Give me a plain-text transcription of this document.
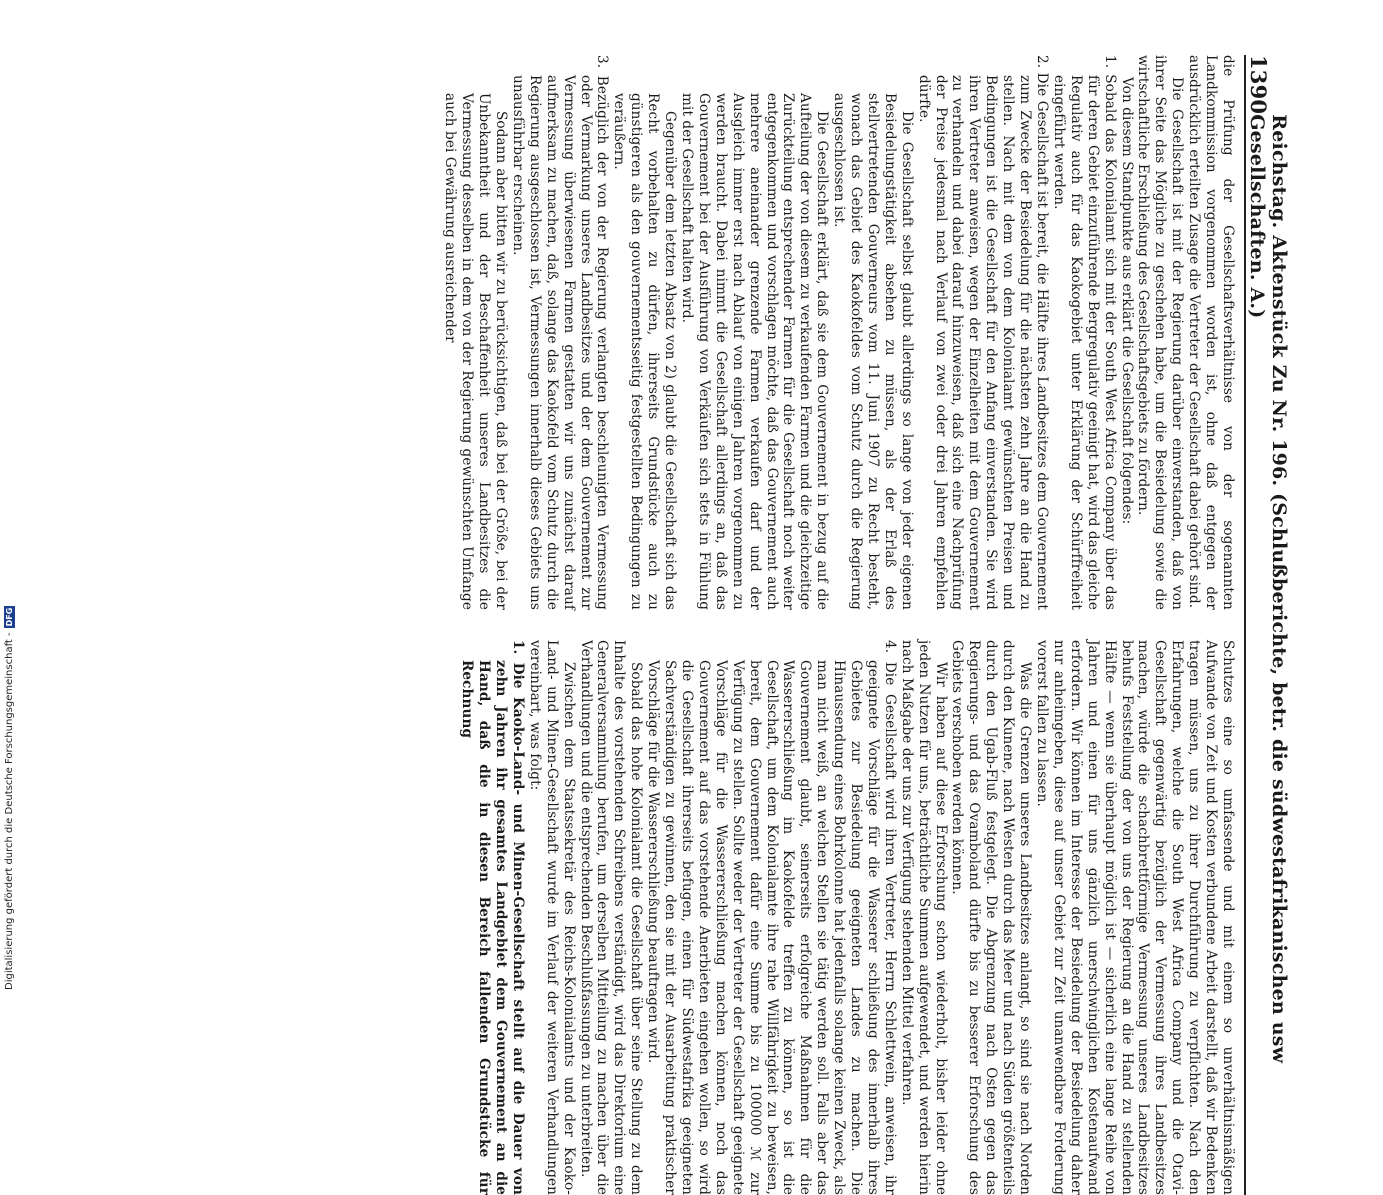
1390
Reichstag. Aktenstück Zu Nr. 196. (Schlußberichte, betr. die südwestafrikanischen usw Gesellschaften. A.)

die Prüfung der Gesellschaftsverhältnisse von der sogenannten Landkommission vorgenommen worden ist, ohne daß entgegen der ausdrücklich erteilten Zusage die Vertreter der Gesellschaft dabei gehört sind.

Die Gesellschaft ist mit der Regierung darüber einverstanden, daß von ihrer Seite das Mögliche zu geschehen habe, um die Besiedelung sowie die wirtschaftliche Erschließung des Gesellschaftsgebiets zu fördern.

Von diesem Standpunkte aus erklärt die Gesellschaft folgendes:

1. Sobald das Kolonialamt sich mit der South West Africa Company über das für deren Gebiet einzuführende Bergregulativ geeinigt hat, wird das gleiche Regulativ auch für das Kaokogebiet unter Erklärung der Schürffreiheit eingeführt werden.

2. Die Gesellschaft ist bereit, die Hälfte ihres Landbesitzes dem Gouvernement zum Zwecke der Besiedelung für die nächsten zehn Jahre an die Hand zu stellen. Nach mit dem von dem Kolonialamt gewünschten Preisen und Bedingungen ist die Gesellschaft für den Anfang einverstanden. Sie wird ihren Vertreter anweisen, wegen der Einzelheiten mit dem Gouvernement zu verhandeln und dabei darauf hinzuweisen, daß sich eine Nachprüfung der Preise jedesmal nach Verlauf von zwei oder drei Jahren empfehlen dürfte.

Die Gesellschaft selbst glaubt allerdings so lange von jeder eigenen Besiedelungstätigkeit absehen zu müssen, als der Erlaß des stellvertretenden Gouverneurs vom 11. Juni 1907 zu Recht besteht, wonach das Gebiet des Kaokofeldes vom Schutz durch die Regierung ausgeschlossen ist.

Die Gesellschaft erklärt, daß sie dem Gouvernement in bezug auf die Aufteilung der von diesem zu verkaufenden Farmen und die gleichzeitige Zurückteilung entsprechender Farmen für die Gesellschaft noch weiter entgegenkommen und vorschlagen möchte, daß das Gouvernement auch mehrere aneinander grenzende Farmen verkaufen darf und der Ausgleich immer erst nach Ablauf von einigen Jahren vorgenommen zu werden braucht. Dabei nimmt die Gesellschaft allerdings an, daß das Gouvernement bei der Ausführung von Verkäufen sich stets in Fühlung mit der Gesellschaft halten wird.

Gegenüber dem letzten Absatz von 2) glaubt die Gesellschaft sich das Recht vorbehalten zu dürfen, ihrerseits Grundstücke auch zu günstigeren als den gouvernementsseitig festgestellten Bedingungen zu veräußern.

3. Bezüglich der von der Regierung verlangten beschleunigten Vermessung oder Vermarkung unseres Landbesitzes und der dem Gouvernement zur Vermessung überwiesenen Farmen gestatten wir uns zunächst darauf aufmerksam zu machen, daß, solange das Kaokofeld vom Schutz durch die Regierung ausgeschlossen ist, Vermessungen innerhalb dieses Gebiets uns unausführbar erscheinen.

Sodann aber bitten wir zu berücksichtigen, daß bei der Größe, bei der Unbekanntheit und der Beschaffenheit unseres Landbesitzes die Vermessung desselben in dem von der Regierung gewünschten Umfange auch bei Gewährung ausreichender

Schutzes eine so umfassende und mit einem so unverhältnismäßigen Aufwande von Zeit und Kosten verbundene Arbeit darstellt, daß wir Bedenken tragen müssen, uns zu ihrer Durchführung zu verpflichten. Nach den Erfahrungen, welche die South West Africa Company und die Otavi-Gesellschaft gegenwärtig bezüglich der Vermessung ihres Landbesitzes machen, würde die schachbrettförmige Vermessung unseres Landbesitzes behufs Feststellung der von uns der Regierung an die Hand zu stellenden Hälfte — wenn sie überhaupt möglich ist — sicherlich eine lange Reihe von Jahren und einen für uns gänzlich unerschwinglichen Kostenaufwand erfordern. Wir können im Interesse der Besiedelung der Besiedelung daher nur anheimgeben, diese auf unser Gebiet zur Zeit unanwendbare Forderung vorerst fallen zu lassen.

Was die Grenzen unseres Landbesitzes anlangt, so sind sie nach Norden durch den Kunene, nach Westen durch das Meer und nach Süden größtenteils durch den Ugab-Fluß festgelegt. Die Abgrenzung nach Osten gegen das Regierungs- und das Ovamboland dürfte bis zu besserer Erforschung des Gebiets verschoben werden können.

Wir haben auf diese Erforschung schon wiederholt, bisher leider ohne jeden Nutzen für uns, beträchtliche Summen aufgewendet, und werden hierin nach Maßgabe der uns zur Verfügung stehenden Mittel verfahren.

4. Die Gesellschaft wird ihren Vertreter, Herrn Schlettwein, anweisen, ihr geeignete Vorschläge für die Wasserer schließung des innerhalb ihres Gebietes zur Besiedelung geeigneten Landes zu machen. Die Hinaussendung eines Bohrkolonne hat jedenfalls solange keinen Zweck, als man nicht weiß, an welchen Stellen sie tätig werden soll. Falls aber das Gouvernement glaubt, seinerseits erfolgreiche Maßnahmen für die Wassererschließung im Kaokofelde treffen zu können, so ist die Gesellschaft, um dem Kolonialamte ihre rahe Willfährigkeit zu beweisen, bereit, dem Gouvernement dafür eine Summe bis zu 100000 ℳ zur Verfügung zu stellen. Sollte weder der Vertreter der Gesellschaft geeignete Vorschläge für die Wassererschließung machen können, noch das Gouvernement auf das vorstehende Anerbieten eingehen wollen, so wird die Gesellschaft ihrerseits befugen, einen für Südwestafrika geeigneten Sachverständigen zu gewinnen, den sie mit der Ausarbeitung praktischer Vorschläge für die Wassererschließung beauftragen wird.

Sobald das hohe Kolonialamt die Gesellschaft über seine Stellung zu dem Inhalte des vorstehenden Schreibens verständigt, wird das Direktorium eine Generalversammlung berufen, um derselben Mitteilung zu machen über die Verhandlungen und die entsprechenden Beschlußfassungen zu unterbreiten.

Zwischen dem Staatssekretär des Reichs-Kolonialamts und der Kaoko-Land- und Minen-Gesellschaft wurde im Verlauf der weiteren Verhandlungen vereinbart, was folgt:

1. Die Kaoko-Land- und Minen-Gesellschaft stellt auf die Dauer von zehn Jahren ihr gesamtes Landgebiet dem Gouvernement an die Hand, daß die in diesen Bereich fallenden Grundstücke für Rechnung

Digitalisierung gefördert durch die Deutsche Forschungsgemeinschaft -
DFG
